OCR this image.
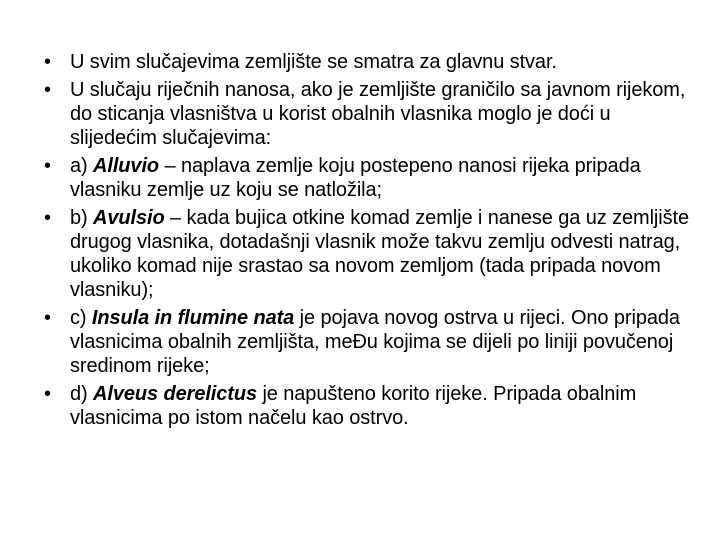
• U svim slučajevima zemljište se smatra za glavnu stvar.
• U slučaju riječnih nanosa, ako je zemljište graničilo sa javnom rijekom, do sticanja vlasništva u korist obalnih vlasnika moglo je doći u slijedećim slučajevima:
• a) Alluvio – naplava zemlje koju postepeno nanosi rijeka pripada vlasniku zemlje uz koju se natložila;
• b) Avulsio – kada bujica otkine komad zemlje i nanese ga uz zemljište drugog vlasnika, dotadašnji vlasnik može takvu zemlju odvesti natrag, ukoliko komad nije srastao sa novom zemljom (tada pripada novom vlasniku);
• c) Insula in flumine nata je pojava novog ostrva u rijeci. Ono pripada vlasnicima obalnih zemljišta, meĐu kojima se dijeli po liniji povučenoj sredinom rijeke;
• d) Alveus derelictus je napušteno korito rijeke. Pripada obalnim vlasnicima po istom načelu kao ostrvo.
